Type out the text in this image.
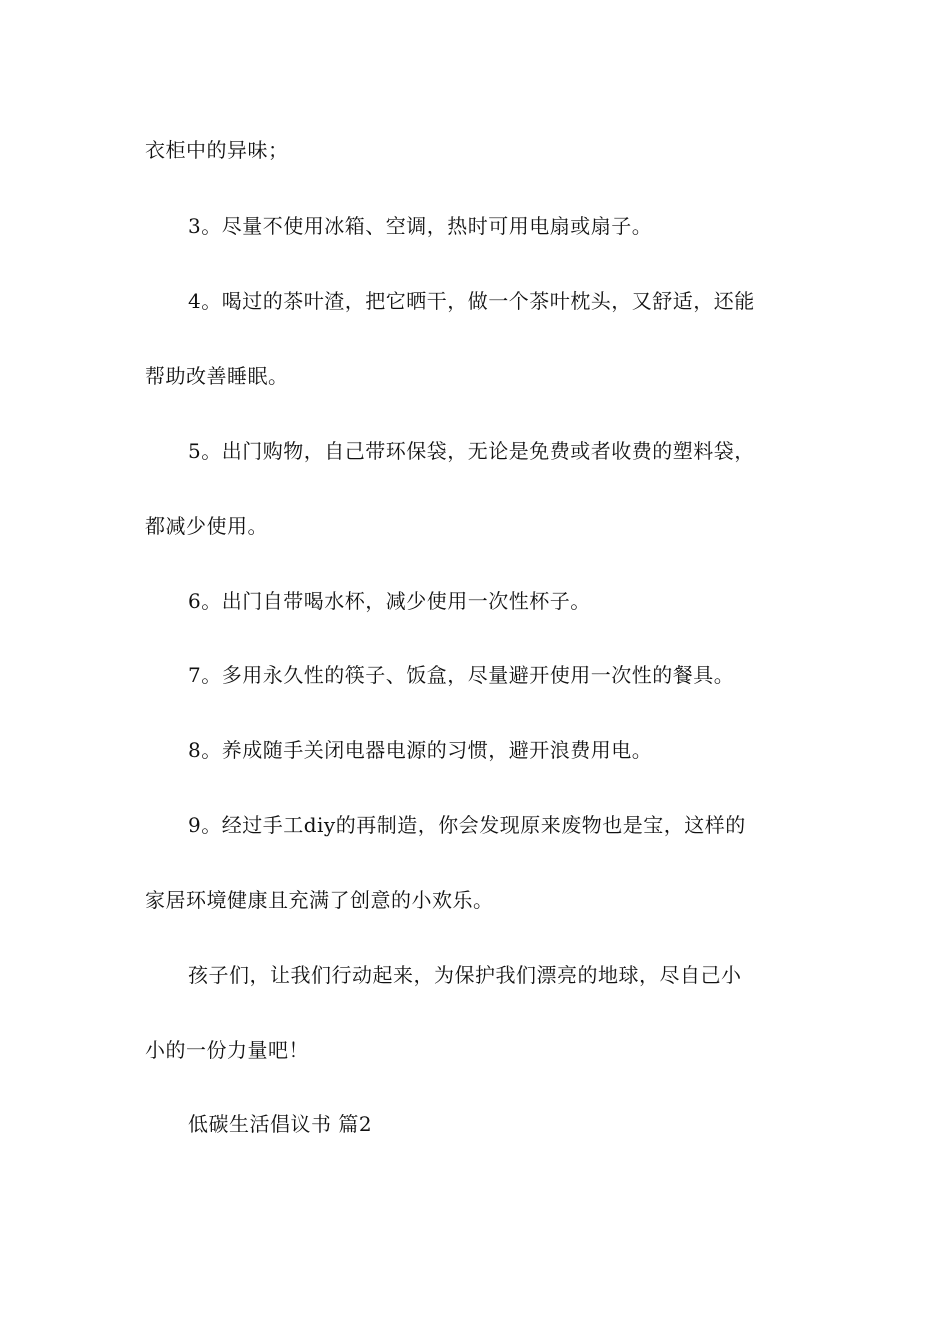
衣柜中的异味；

3。尽量不使用冰箱、空调，热时可用电扇或扇子。

4。喝过的茶叶渣，把它晒干，做一个茶叶枕头，又舒适，还能

帮助改善睡眠。

5。出门购物，自己带环保袋，无论是免费或者收费的塑料袋，

都减少使用。

6。出门自带喝水杯，减少使用一次性杯子。

7。多用永久性的筷子、饭盒，尽量避开使用一次性的餐具。

8。养成随手关闭电器电源的习惯，避开浪费用电。

9。经过手工diy的再制造，你会发现原来废物也是宝，这样的

家居环境健康且充满了创意的小欢乐。

孩子们，让我们行动起来，为保护我们漂亮的地球，尽自己小

小的一份力量吧！

低碳生活倡议书 篇2
